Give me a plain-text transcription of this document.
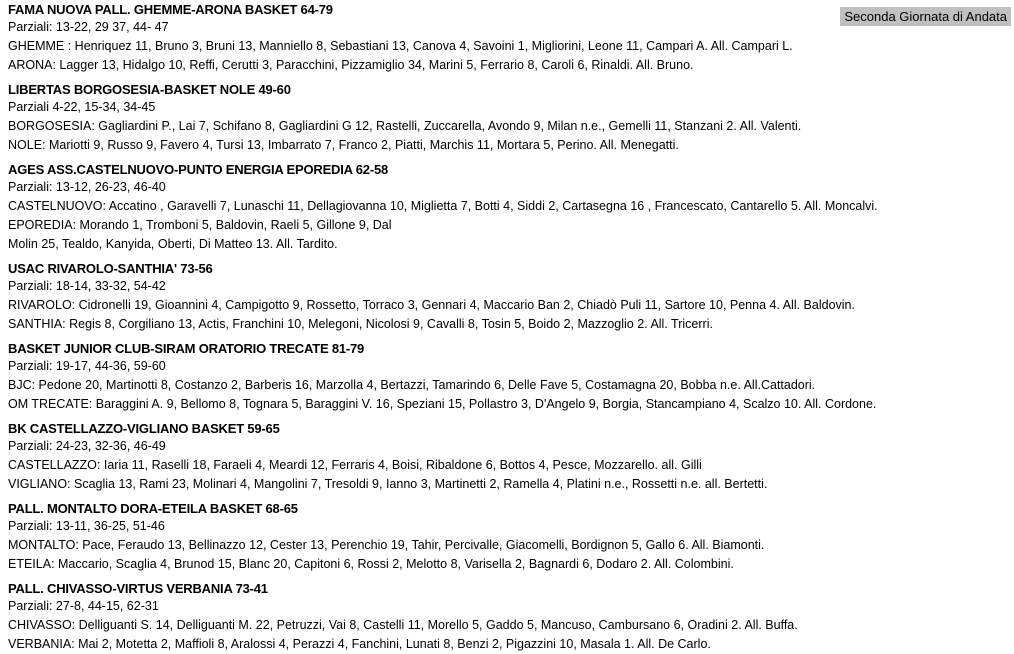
Seconda Giornata di Andata
FAMA NUOVA PALL. GHEMME-ARONA BASKET 64-79
Parziali: 13-22, 29 37, 44- 47
GHEMME : Henriquez 11, Bruno 3, Bruni 13, Manniello 8, Sebastiani 13, Canova 4, Savoini 1, Migliorini, Leone 11, Campari A. All. Campari L.
ARONA: Lagger 13, Hidalgo 10, Reffi, Cerutti 3, Paracchini, Pizzamiglio 34, Marini 5, Ferrario 8, Caroli 6, Rinaldi. All. Bruno.
LIBERTAS BORGOSESIA-BASKET NOLE 49-60
Parziali 4-22, 15-34, 34-45
BORGOSESIA: Gagliardini P., Lai 7, Schifano 8, Gagliardini G 12, Rastelli, Zuccarella, Avondo 9, Milan n.e., Gemelli 11, Stanzani 2. All. Valenti.
NOLE: Mariotti 9, Russo 9, Favero 4, Tursi 13, Imbarrato 7, Franco 2, Piatti, Marchis 11, Mortara 5, Perino. All. Menegatti.
AGES ASS.CASTELNUOVO-PUNTO ENERGIA EPOREDIA 62-58
Parziali: 13-12, 26-23, 46-40
CASTELNUOVO: Accatino , Garavelli 7, Lunaschi 11, Dellagiovanna 10, Miglietta 7, Botti 4, Siddi 2, Cartasegna 16 , Francescato, Cantarello 5. All. Moncalvi.
EPOREDIA: Morando 1, Tromboni 5, Baldovin, Raeli 5, Gillone 9, Dal
Molin 25, Tealdo, Kanyida, Oberti, Di Matteo 13. All. Tardito.
USAC RIVAROLO-SANTHIA' 73-56
Parziali: 18-14, 33-32, 54-42
RIVAROLO: Cidronelli 19, Gioannini 4, Campigotto 9, Rossetto, Torraco 3, Gennari 4, Maccario Ban 2, Chiadò Puli 11, Sartore 10, Penna 4. All. Baldovin.
SANTHIA: Regis 8, Corgiliano 13, Actis, Franchini 10, Melegoni, Nicolosi 9, Cavalli 8, Tosin 5, Boido 2, Mazzoglio 2. All. Tricerri.
BASKET JUNIOR CLUB-SIRAM ORATORIO TRECATE 81-79
Parziali: 19-17, 44-36, 59-60
BJC: Pedone 20, Martinotti 8, Costanzo 2, Barberis 16, Marzolla 4, Bertazzi, Tamarindo 6, Delle Fave 5, Costamagna 20, Bobba n.e. All.Cattadori.
OM TRECATE: Baraggini A. 9, Bellomo 8, Tognara 5, Baraggini V. 16, Speziani 15, Pollastro 3, D'Angelo 9, Borgia, Stancampiano 4, Scalzo 10. All. Cordone.
BK CASTELLAZZO-VIGLIANO BASKET 59-65
Parziali: 24-23, 32-36, 46-49
CASTELLAZZO: Iaria 11, Raselli 18, Faraeli 4, Meardi 12, Ferraris 4, Boisi, Ribaldone 6, Bottos 4, Pesce, Mozzarello. all. Gilli
VIGLIANO: Scaglia 13, Rami 23, Molinari 4, Mangolini 7, Tresoldi 9, Ianno 3, Martinetti 2, Ramella 4, Platini n.e., Rossetti n.e. all. Bertetti.
PALL. MONTALTO DORA-ETEILA BASKET 68-65
Parziali: 13-11, 36-25, 51-46
MONTALTO: Pace, Feraudo 13, Bellinazzo 12, Cester 13, Perenchio 19, Tahir, Percivalle, Giacomelli, Bordignon 5, Gallo 6. All. Biamonti.
ETEILA: Maccario, Scaglia 4, Brunod 15, Blanc 20, Capitoni 6, Rossi 2, Melotto 8, Varisella 2, Bagnardi 6, Dodaro 2. All. Colombini.
PALL. CHIVASSO-VIRTUS VERBANIA 73-41
Parziali: 27-8, 44-15, 62-31
CHIVASSO: Delliguanti S. 14, Delliguanti M. 22, Petruzzi, Vai 8, Castelli 11, Morello 5, Gaddo 5, Mancuso, Cambursano 6, Oradini 2. All. Buffa.
VERBANIA: Mai 2, Motetta 2, Maffioli 8, Aralossi 4, Perazzi 4, Fanchini, Lunati 8, Benzi 2, Pigazzini 10, Masala 1. All. De Carlo.
